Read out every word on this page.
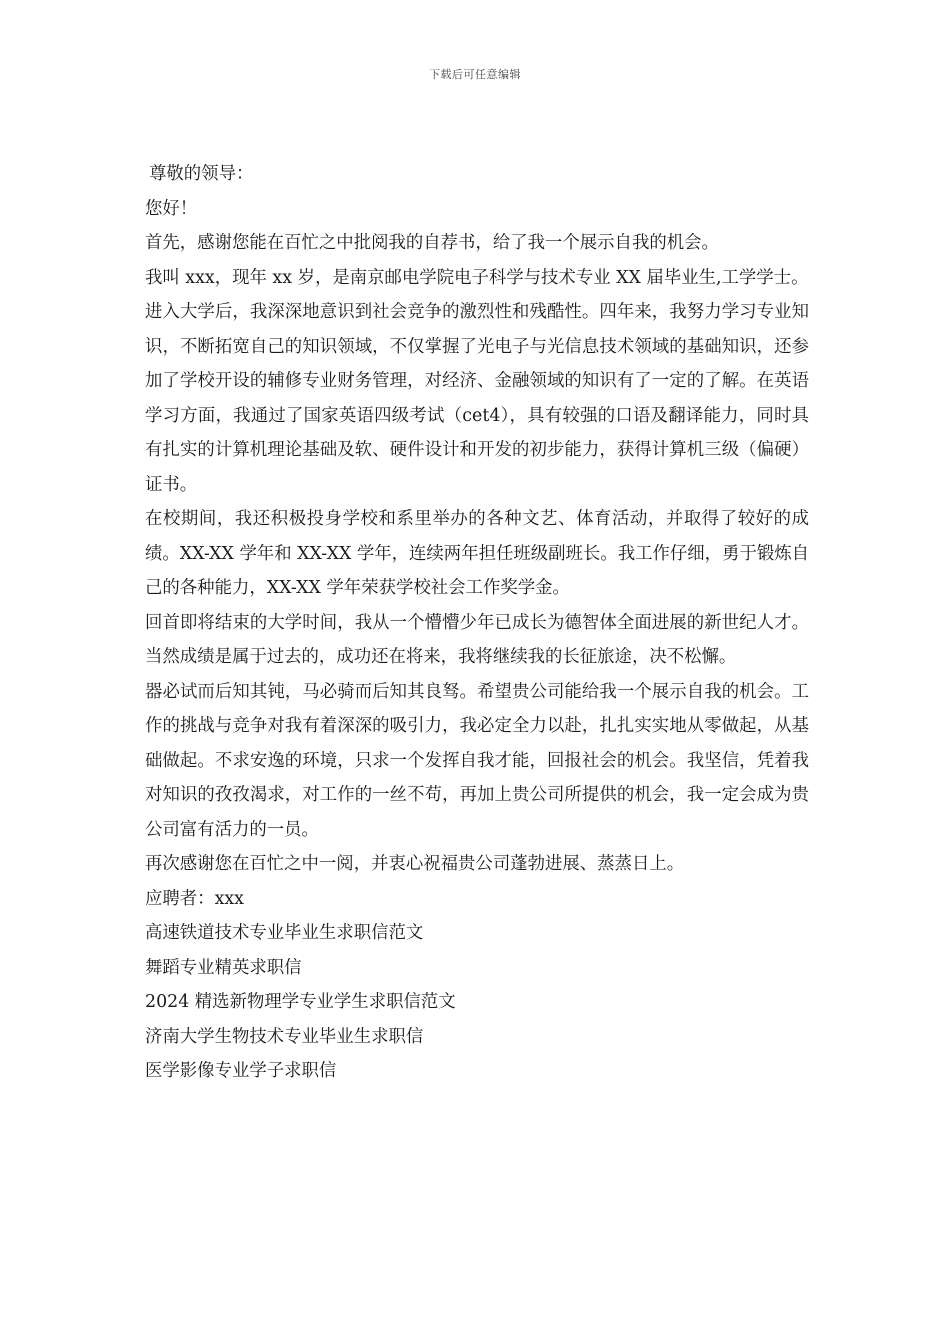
下载后可任意编辑

尊敬的领导：

您好！

首先，感谢您能在百忙之中批阅我的自荐书，给了我一个展示自我的机会。

我叫 xxx，现年 xx 岁，是南京邮电学院电子科学与技术专业 XX 届毕业生,工学学士。

进入大学后，我深深地意识到社会竞争的激烈性和残酷性。四年来，我努力学习专业知识，不断拓宽自己的知识领域，不仅掌握了光电子与光信息技术领域的基础知识，还参加了学校开设的辅修专业财务管理，对经济、金融领域的知识有了一定的了解。在英语学习方面，我通过了国家英语四级考试（cet4），具有较强的口语及翻译能力，同时具有扎实的计算机理论基础及软、硬件设计和开发的初步能力，获得计算机三级（偏硬）证书。

在校期间，我还积极投身学校和系里举办的各种文艺、体育活动，并取得了较好的成绩。XX-XX 学年和 XX-XX 学年，连续两年担任班级副班长。我工作仔细，勇于锻炼自己的各种能力，XX-XX 学年荣获学校社会工作奖学金。

回首即将结束的大学时间，我从一个懵懵少年已成长为德智体全面进展的新世纪人才。当然成绩是属于过去的，成功还在将来，我将继续我的长征旅途，决不松懈。

器必试而后知其钝，马必骑而后知其良驽。希望贵公司能给我一个展示自我的机会。工作的挑战与竞争对我有着深深的吸引力，我必定全力以赴，扎扎实实地从零做起，从基础做起。不求安逸的环境，只求一个发挥自我才能，回报社会的机会。我坚信，凭着我对知识的孜孜渴求，对工作的一丝不苟，再加上贵公司所提供的机会，我一定会成为贵公司富有活力的一员。

再次感谢您在百忙之中一阅，并衷心祝福贵公司蓬勃进展、蒸蒸日上。

应聘者：xxx

高速铁道技术专业毕业生求职信范文

舞蹈专业精英求职信

2024 精选新物理学专业学生求职信范文

济南大学生物技术专业毕业生求职信

医学影像专业学子求职信
